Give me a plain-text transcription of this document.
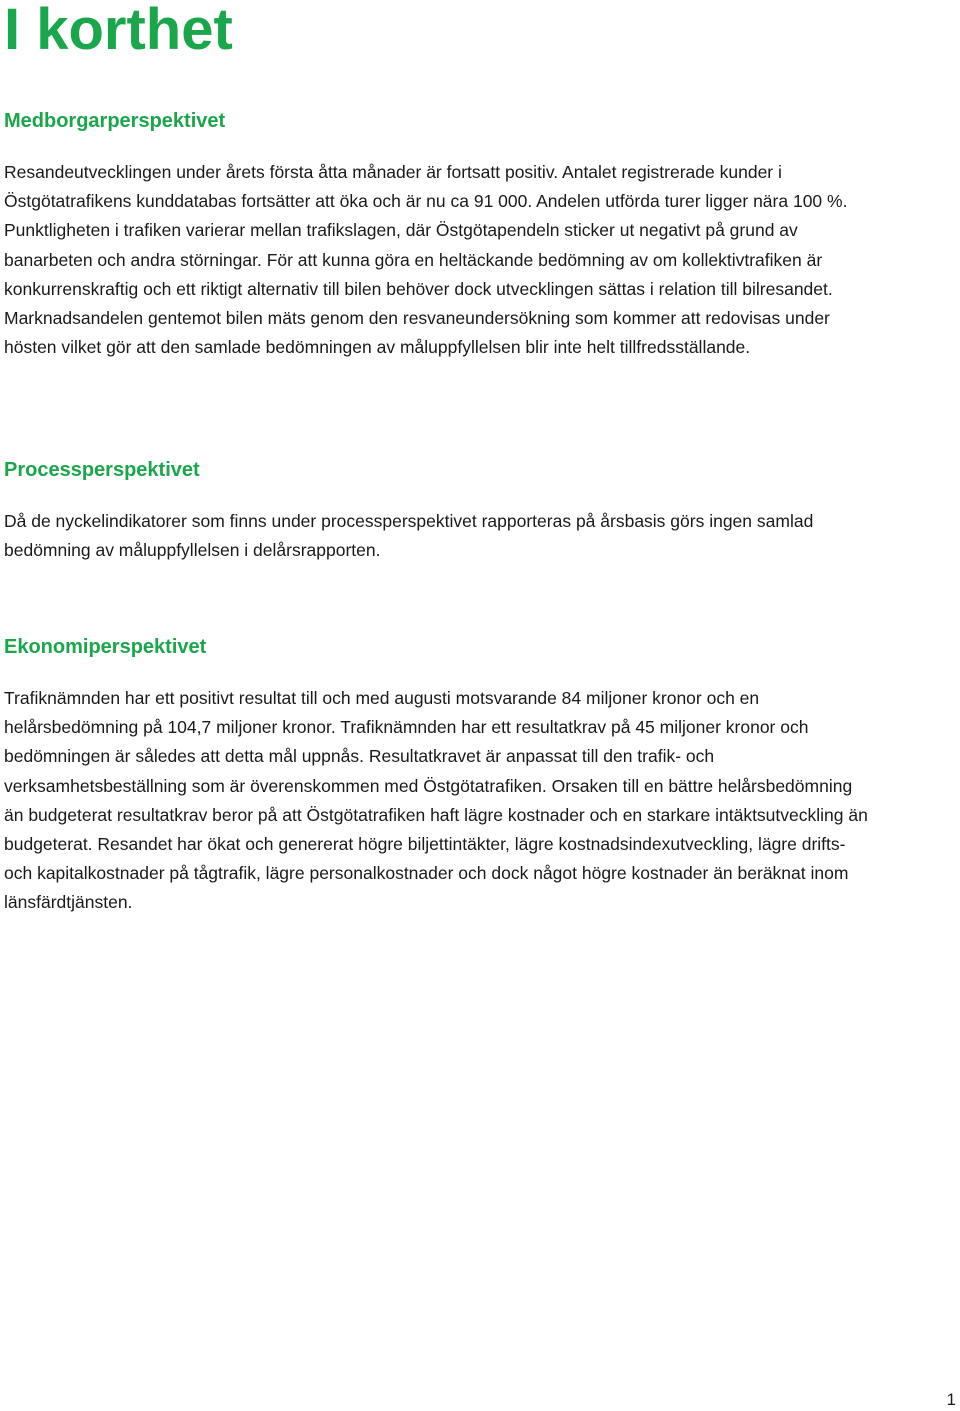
I korthet
Medborgarperspektivet

Resandeutvecklingen under årets första åtta månader är fortsatt positiv. Antalet registrerade kunder i Östgötatrafikens kunddatabas fortsätter att öka och är nu ca 91 000. Andelen utförda turer ligger nära 100 %. Punktligheten i trafiken varierar mellan trafikslagen, där Östgötapendeln sticker ut negativt på grund av banarbeten och andra störningar. För att kunna göra en heltäckande bedömning av om kollektivtrafiken är konkurrenskraftig och ett riktigt alternativ till bilen behöver dock utvecklingen sättas i relation till bilresandet. Marknadsandelen gentemot bilen mäts genom den resvaneundersökning som kommer att redovisas under hösten vilket gör att den samlade bedömningen av måluppfyllelsen blir inte helt tillfredsställande.

Processperspektivet

Då de nyckelindikatorer som finns under processperspektivet rapporteras på årsbasis görs ingen samlad bedömning av måluppfyllelsen i delårsrapporten.

Ekonomiperspektivet

Trafiknämnden har ett positivt resultat till och med augusti motsvarande 84 miljoner kronor och en helårsbedömning på 104,7 miljoner kronor. Trafiknämnden har ett resultatkrav på 45 miljoner kronor och bedömningen är således att detta mål uppnås. Resultatkravet är anpassat till den trafik- och verksamhetsbeställning som är överenskommen med Östgötatrafiken. Orsaken till en bättre helårsbedömning än budgeterat resultatkrav beror på att Östgötatrafiken haft lägre kostnader och en starkare intäktsutveckling än budgeterat. Resandet har ökat och genererat högre biljettintäkter, lägre kostnadsindexutveckling, lägre drifts- och kapitalkostnader på tågtrafik, lägre personalkostnader och dock något högre kostnader än beräknat inom länsfärdtjänsten.

1
